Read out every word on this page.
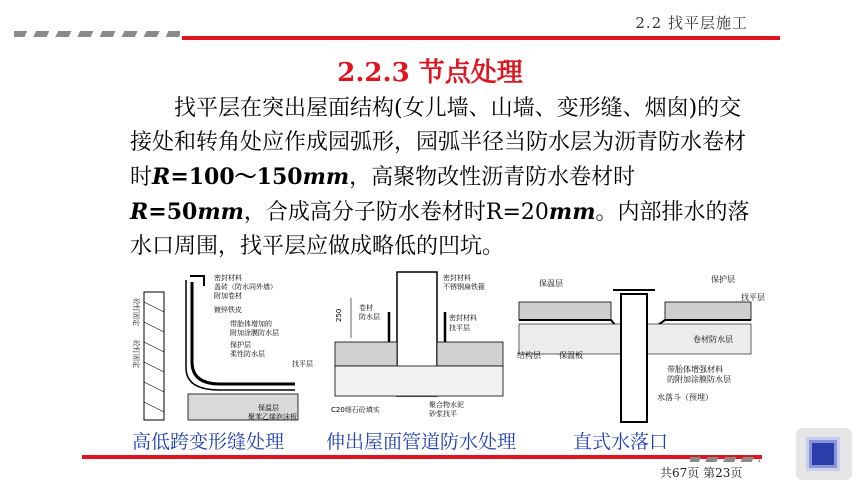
2.2 找平层施工
2.2.3 节点处理
找平层在突出屋面结构(女儿墙、山墙、变形缝、烟囱)的交接处和转角处应作成园弧形，园弧半径当防水层为沥青防水卷材时R=100～150mm，高聚物改性沥青防水卷材时R=50mm，合成高分子防水卷材时R=20mm。内部排水的落水口周围，找平层应做成略低的凹坑。
砼钉固定
砼钉固定
密封材料
盖砖（防水同外墙）
附加卷材
镀锌铁皮
带胎体增加的
附加涂膜防水层
保护层
柔性防水层
找平层
保温层
聚苯乙烯泡沫板
密封材料
不锈钢扁铁箍
250
卷材
防水层	密封材料
找平层
C20细石砼填实
聚合物水泥
砂浆找平
保温层	保护层
找平层
结构层 保温板
卷材防水层
带胎体增强材料
的附加涂膜防水层
水落斗（预埋）
高低跨变形缝处理 伸出屋面管道防水处理	直式水落口
共67页 第23页
